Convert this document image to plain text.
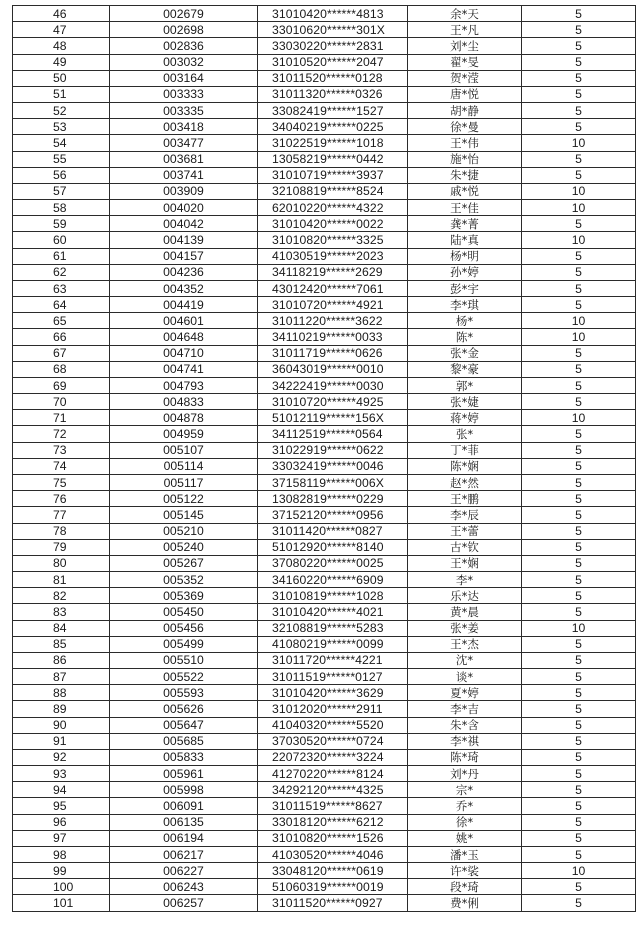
46	002679	31010420******4813	余*天	5
47	002698	33010620******301X	王*凡	5
48	002836	33030220******2831	刘*尘	5
49	003032	31010520******2047	翟*旻	5
50	003164	31011520******0128	贺*滢	5
51	003333	31011320******0326	唐*悦	5
52	003335	33082419******1527	胡*静	5
53	003418	34040219******0225	徐*曼	5
54	003477	31022519******1018	王*伟	10
55	003681	13058219******0442	施*怡	5
56	003741	31010719******3937	朱*捷	5
57	003909	32108819******8524	戚*悦	10
58	004020	62010220******4322	王*佳	10
59	004042	31010420******0022	龚*菁	5
60	004139	31010820******3325	陆*真	10
61	004157	41030519******2023	杨*明	5
62	004236	34118219******2629	孙*婷	5
63	004352	43012420******7061	彭*宇	5
64	004419	31010720******4921	李*琪	5
65	004601	31011220******3622	杨*	10
66	004648	34110219******0033	陈*	10
67	004710	31011719******0626	张*金	5
68	004741	36043019******0010	黎*豪	5
69	004793	34222419******0030	郭*	5
70	004833	31010720******4925	张*婕	5
71	004878	51012119******156X	蒋*婷	10
72	004959	34112519******0564	张*	5
73	005107	31022919******0622	丁*菲	5
74	005114	33032419******0046	陈*娴	5
75	005117	37158119******006X	赵*然	5
76	005122	13082819******0229	王*鹏	5
77	005145	37152120******0956	李*辰	5
78	005210	31011420******0827	王*蕾	5
79	005240	51012920******8140	古*钦	5
80	005267	37080220******0025	王*娴	5
81	005352	34160220******6909	李*	5
82	005369	31010819******1028	乐*达	5
83	005450	31010420******4021	黄*晨	5
84	005456	32108819******5283	张*姜	10
85	005499	41080219******0099	王*杰	5
86	005510	31011720******4221	沈*	5
87	005522	31011519******0127	谈*	5
88	005593	31010420******3629	夏*婷	5
89	005626	31012020******2911	李*吉	5
90	005647	41040320******5520	朱*含	5
91	005685	37030520******0724	李*祺	5
92	005833	22072320******3224	陈*琦	5
93	005961	41270220******8124	刘*丹	5
94	005998	34292120******4325	宗*	5
95	006091	31011519******8627	乔*	5
96	006135	33018120******6212	徐*	5
97	006194	31010820******1526	姚*	5
98	006217	41030520******4046	潘*玉	5
99	006227	33048120******0619	许*裟	10
100	006243	51060319******0019	段*琦	5
101	006257	31011520******0927	费*俐	5
